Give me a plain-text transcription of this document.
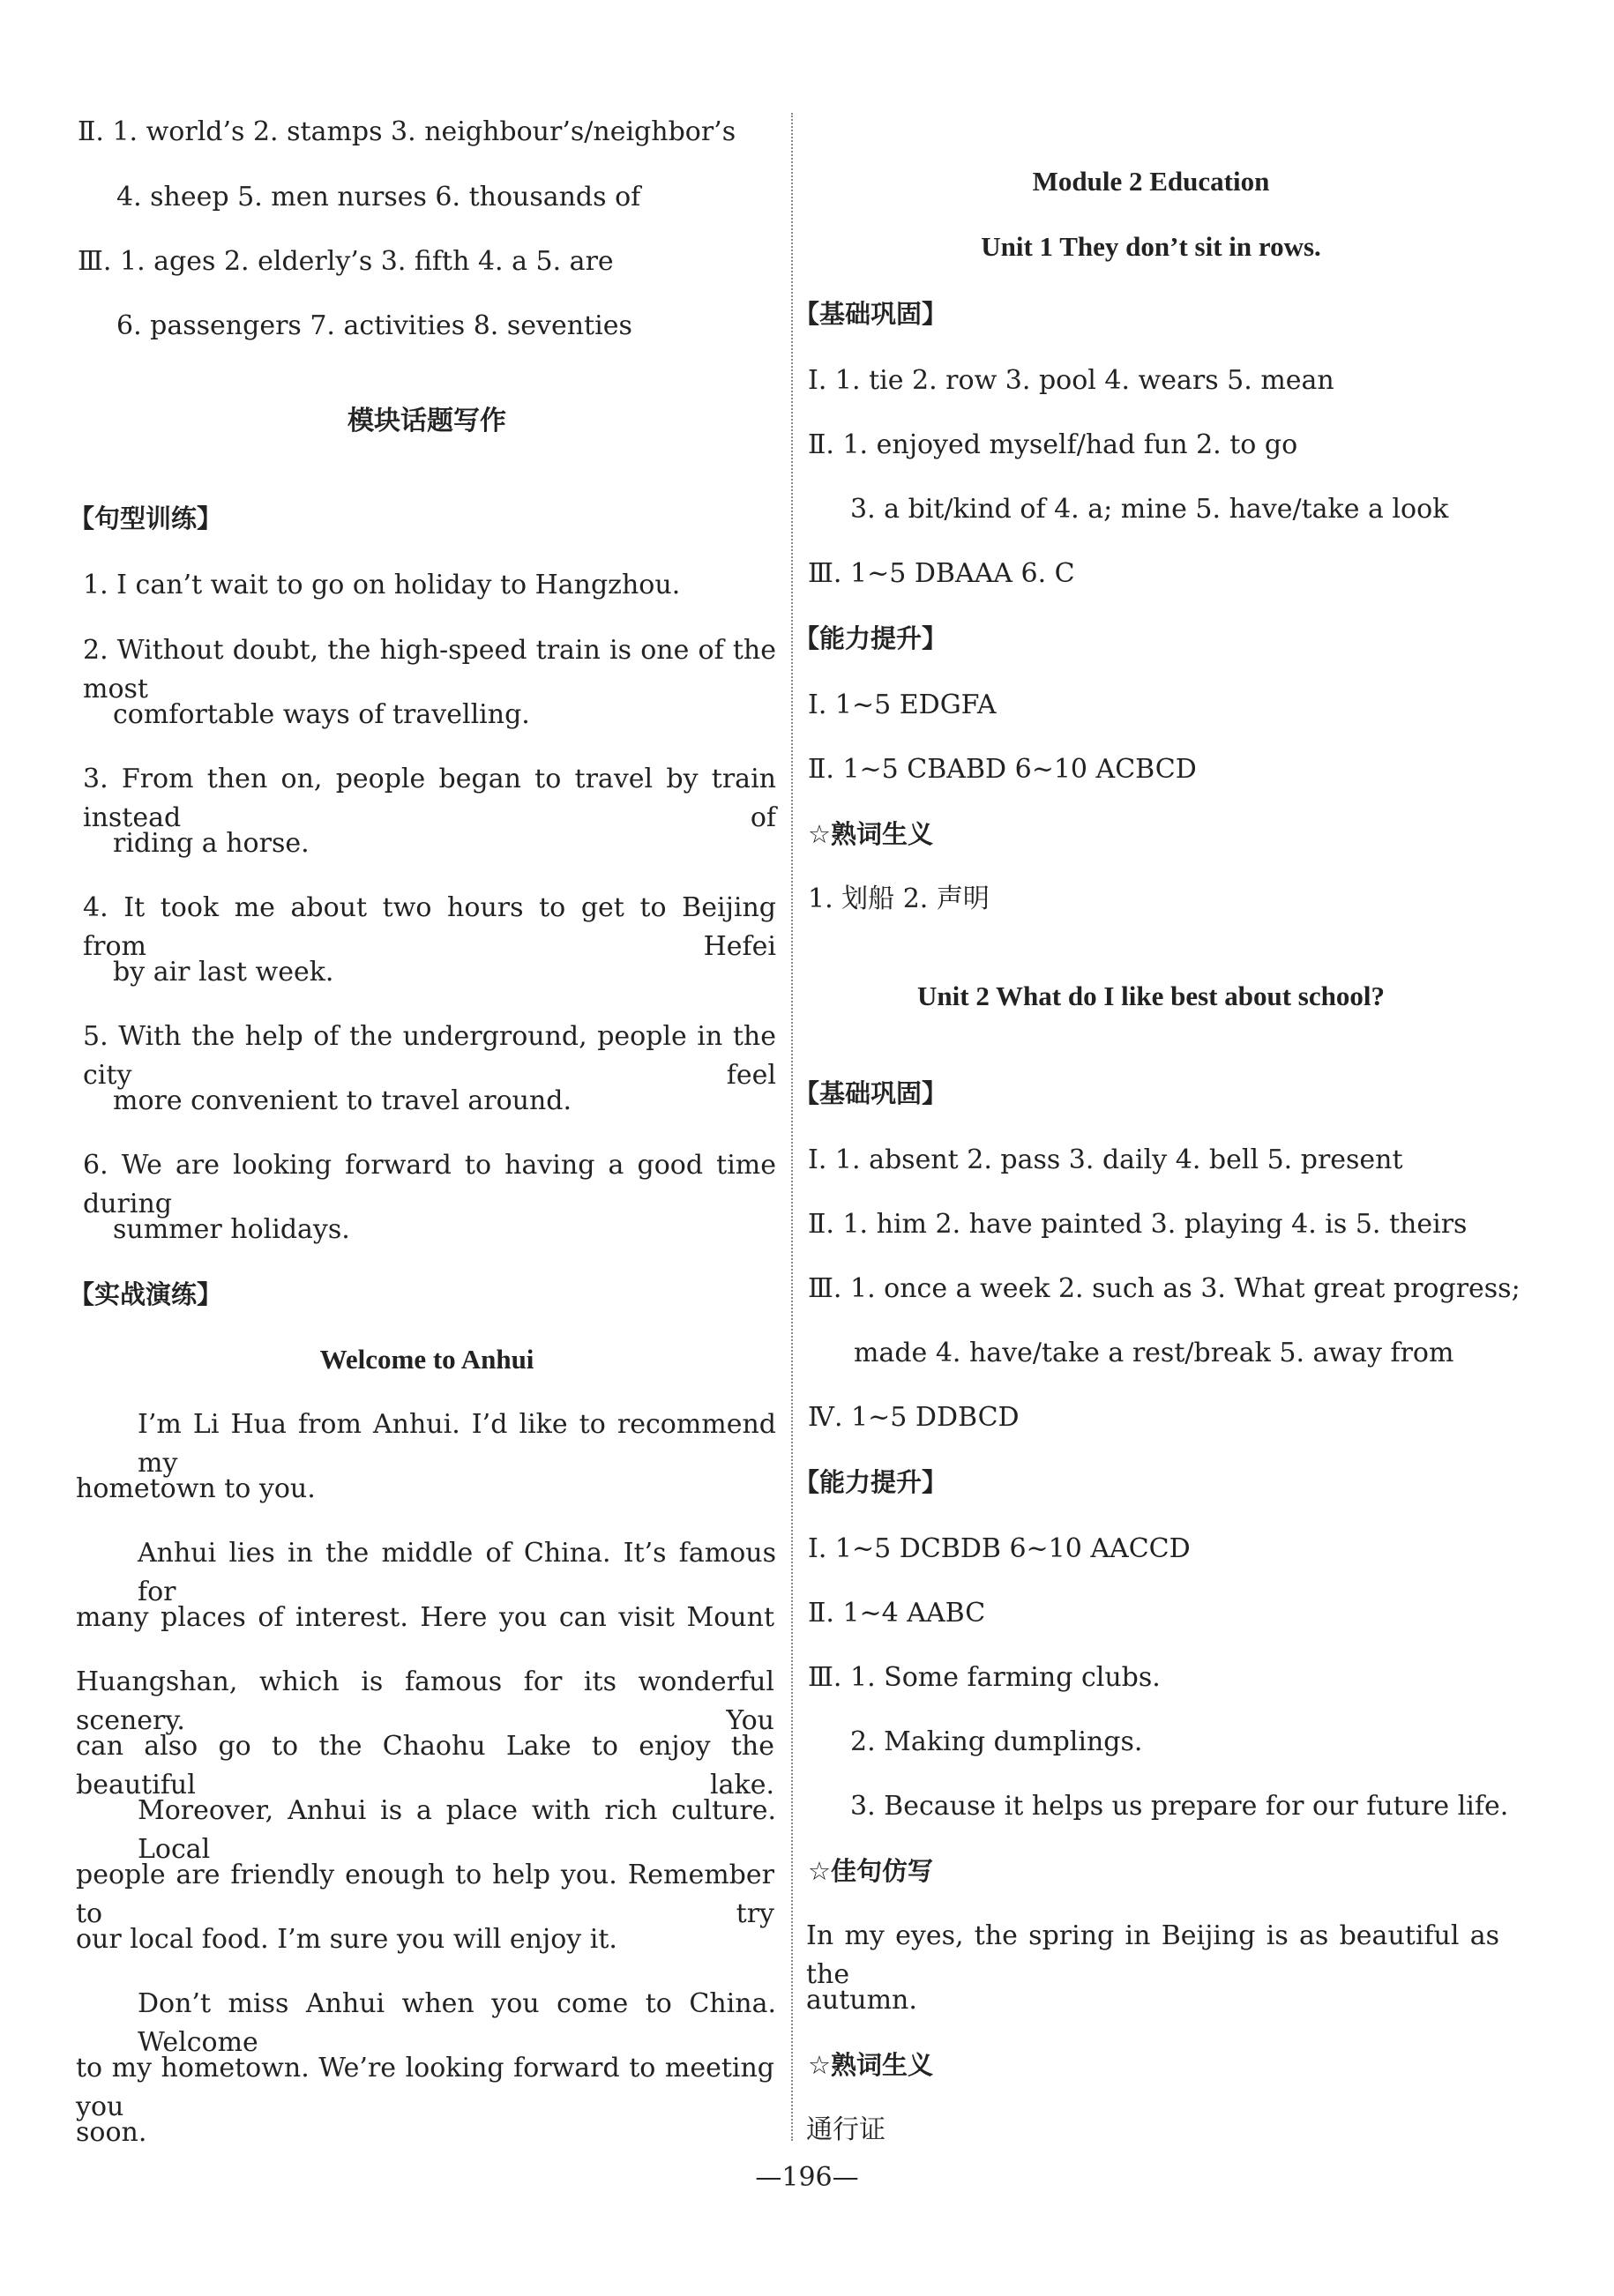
Ⅱ. 1. world’s 2. stamps 3. neighbour’s/neighbor’s
4. sheep 5. men nurses 6. thousands of
Ⅲ. 1. ages 2. elderly’s 3. fifth 4. a 5. are
6. passengers 7. activities 8. seventies
模块话题写作
【句型训练】
1. I can’t wait to go on holiday to Hangzhou.
2. Without doubt, the high-speed train is one of the most
comfortable ways of travelling.
3. From then on, people began to travel by train instead of
riding a horse.
4. It took me about two hours to get to Beijing from Hefei
by air last week.
5. With the help of the underground, people in the city feel
more convenient to travel around.
6. We are looking forward to having a good time during
summer holidays.
【实战演练】
Welcome to Anhui
I’m Li Hua from Anhui. I’d like to recommend my
hometown to you.
Anhui lies in the middle of China. It’s famous for
many places of interest. Here you can visit Mount
Huangshan, which is famous for its wonderful scenery. You
can also go to the Chaohu Lake to enjoy the beautiful lake.
Moreover, Anhui is a place with rich culture. Local
people are friendly enough to help you. Remember to try
our local food. I’m sure you will enjoy it.
Don’t miss Anhui when you come to China. Welcome
to my hometown. We’re looking forward to meeting you
soon.
Module 2 Education
Unit 1 They don’t sit in rows.
【基础巩固】
Ⅰ. 1. tie 2. row 3. pool 4. wears 5. mean
Ⅱ. 1. enjoyed myself/had fun 2. to go
3. a bit/kind of 4. a; mine 5. have/take a look
Ⅲ. 1~5 DBAAA 6. C
【能力提升】
Ⅰ. 1~5 EDGFA
Ⅱ. 1~5 CBABD 6~10 ACBCD
☆熟词生义
1. 划船 2. 声明
Unit 2 What do I like best about school?
【基础巩固】
Ⅰ. 1. absent 2. pass 3. daily 4. bell 5. present
Ⅱ. 1. him 2. have painted 3. playing 4. is 5. theirs
Ⅲ. 1. once a week 2. such as 3. What great progress;
made 4. have/take a rest/break 5. away from
Ⅳ. 1~5 DDBCD
【能力提升】
Ⅰ. 1~5 DCBDB 6~10 AACCD
Ⅱ. 1~4 AABC
Ⅲ. 1. Some farming clubs.
2. Making dumplings.
3. Because it helps us prepare for our future life.
☆佳句仿写
In my eyes, the spring in Beijing is as beautiful as the
autumn.
☆熟词生义
通行证
—196—
